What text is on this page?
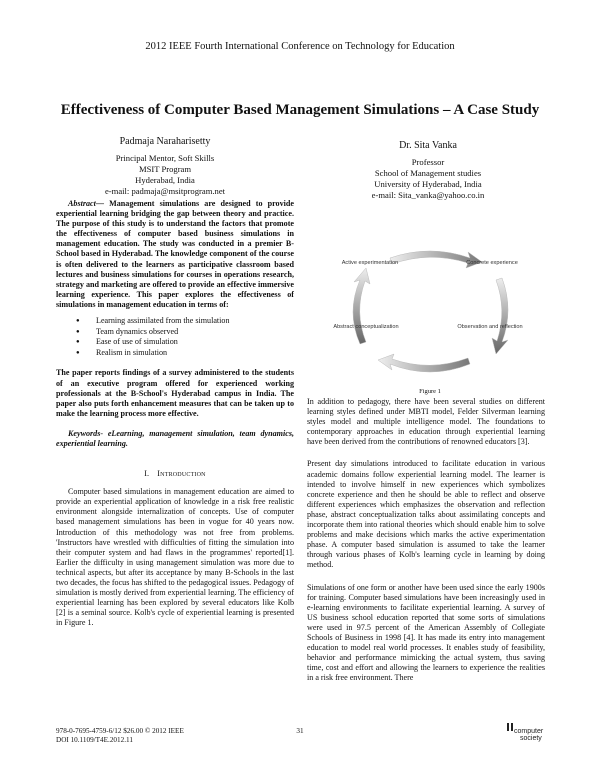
2012 IEEE Fourth International Conference on Technology for Education
Effectiveness of Computer Based Management Simulations – A Case Study
Padmaja Naraharisetty
Principal Mentor, Soft Skills
MSIT Program
Hyderabad, India
e-mail: padmaja@msitprogram.net
Dr. Sita Vanka
Professor
School of Management studies
University of Hyderabad, India
e-mail: Sita_vanka@yahoo.co.in

Abstract— Management simulations are designed to provide experiential learning bridging the gap between theory and practice. The purpose of this study is to understand the factors that promote the effectiveness of computer based business simulations in management education. The study was conducted in a premier B-School based in Hyderabad. The knowledge component of the course is often delivered to the learners as participative classroom based lectures and business simulations for courses in operations research, strategy and marketing are offered to provide an effective immersive learning experience. This paper explores the effectiveness of simulations in management education in terms of:

● Learning assimilated from the simulation
● Team dynamics observed
● Ease of use of simulation
● Realism in simulation

The paper reports findings of a survey administered to the students of an executive program offered for experienced working professionals at the B-School's Hyderabad campus in India. The paper also puts forth enhancement measures that can be taken up to make the learning process more effective.

Keywords- eLearning, management simulation, team dynamics, experiential learning.

I. Introduction

Computer based simulations in management education are aimed to provide an experiential application of knowledge in a risk free realistic environment alongside internalization of concepts. Use of computer based management simulations has been in vogue for 40 years now. Introduction of this methodology was not free from problems. 'Instructors have wrestled with difficulties of fitting the simulation into their computer system and had flaws in the programmes' reported[1]. Earlier the difficulty in using management simulation was more due to technical aspects, but after its acceptance by many B-Schools in the last two decades, the focus has shifted to the pedagogical issues. Pedagogy of simulation is mostly derived from experiential learning. The efficiency of experiential learning has been explored by several educators like Kolb [2] is a seminal source. Kolb's cycle of experiential learning is presented in Figure 1.

Active experimentation	Concrete experience
Abstract conceptualization	Observation and reflection
Figure 1

In addition to pedagogy, there have been several studies on different learning styles defined under MBTI model, Felder Silverman learning styles model and multiple intelligence model. The foundations to contemporary approaches in education through experiential learning have been derived from the contributions of renowned educators [3].

Present day simulations introduced to facilitate education in various academic domains follow experiential learning model. The learner is intended to involve himself in new experiences which symbolizes concrete experience and then he should be able to reflect and observe different experiences which emphasizes the observation and reflection phase, abstract conceptualization talks about assimilating concepts and incorporate them into rational theories which should enable him to solve problems and make decisions which marks the active experimentation phase. A computer based simulation is assumed to take the learner through various phases of Kolb's learning cycle in learning by doing method.

Simulations of one form or another have been used since the early 1900s for training. Computer based simulations have been increasingly used in e-learning environments to facilitate experiential learning. A survey of US business school education reported that some sorts of simulations were used in 97.5 percent of the American Assembly of Collegiate Schools of Business in 1998 [4]. It has made its entry into management education to model real world processes. It enables study of feasibility, behavior and performance mimicking the actual system, thus saving time, cost and effort and allowing the learners to experience the realities in a risk free environment. There

978-0-7695-4759-6/12 $26.00 © 2012 IEEE
DOI 10.1109/T4E.2012.11
31	computer
society
